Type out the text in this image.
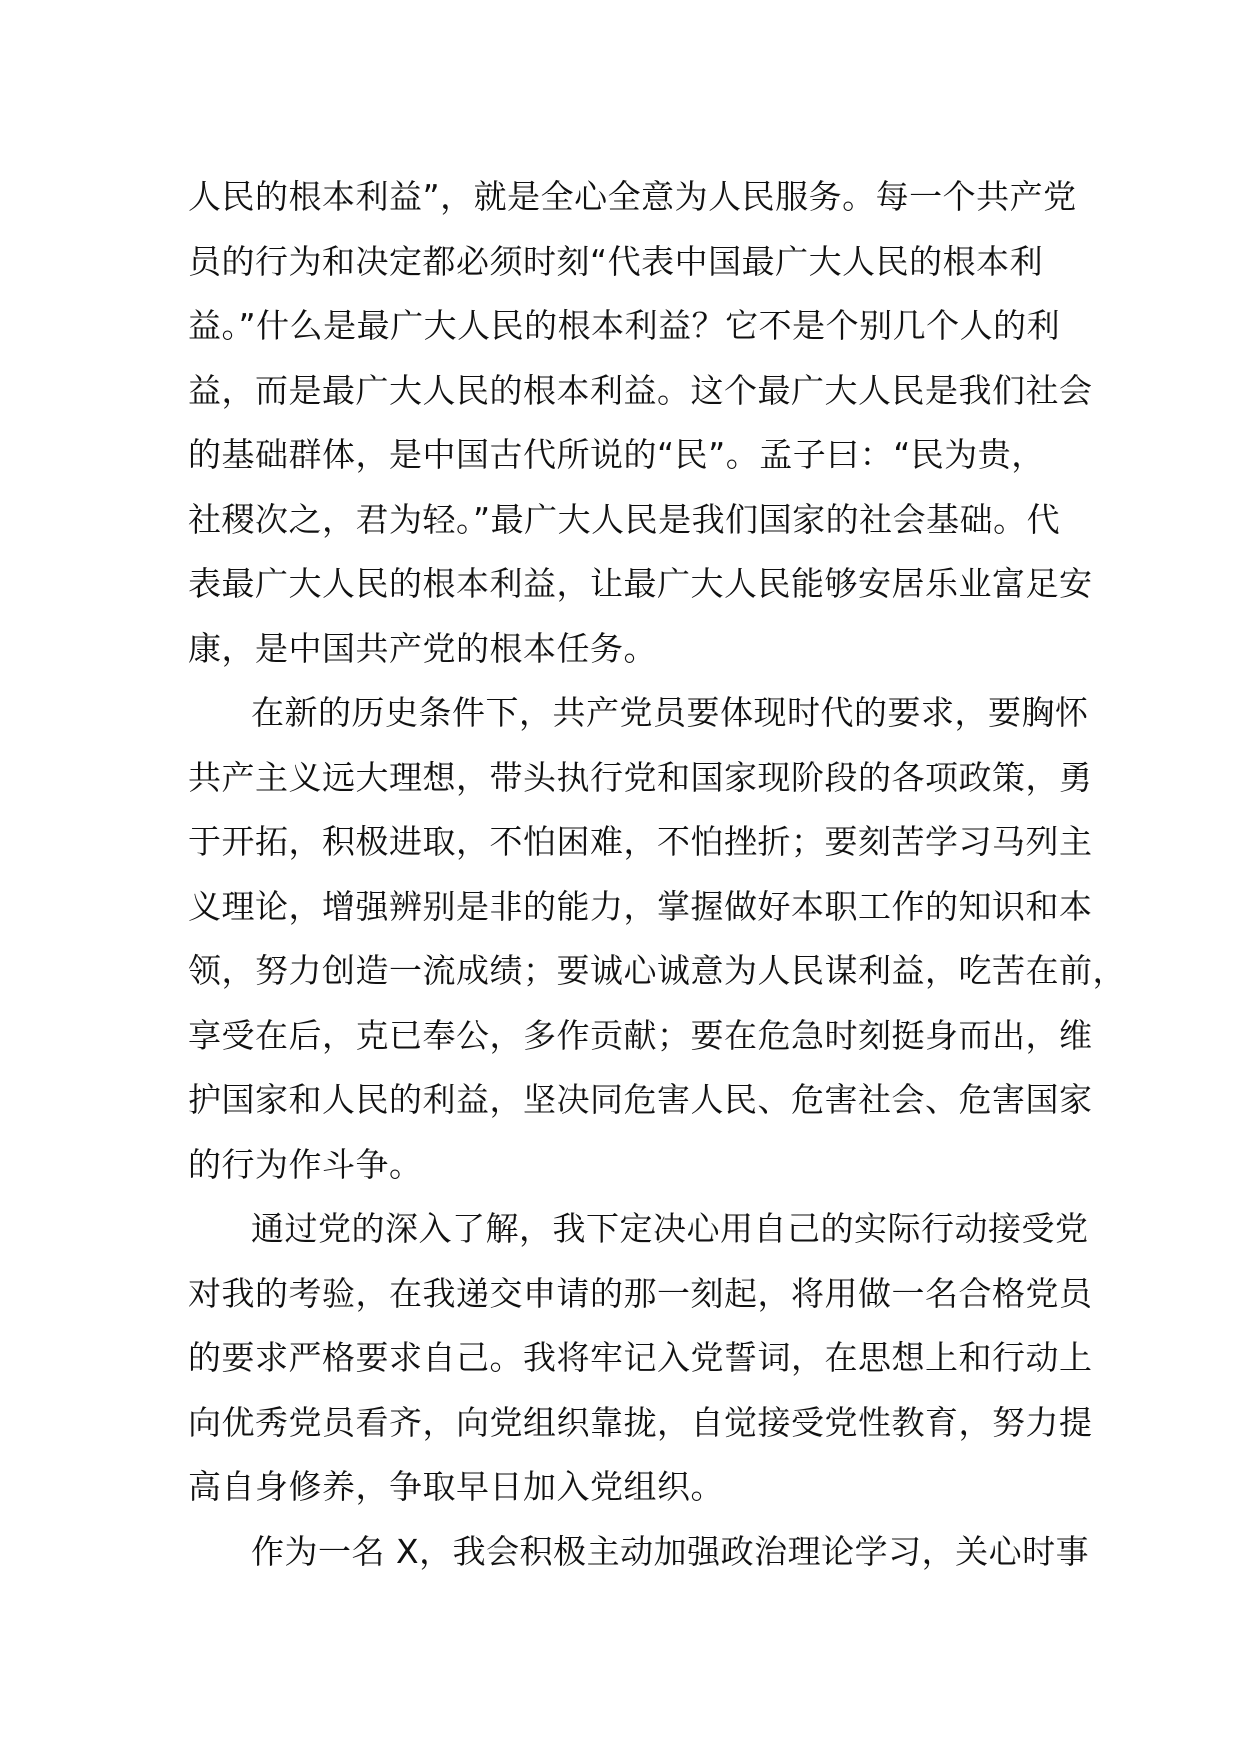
人民的根本利益”，就是全心全意为人民服务。每一个共产党
员的行为和决定都必须时刻“代表中国最广大人民的根本利
益。”什么是最广大人民的根本利益？它不是个别几个人的利
益，而是最广大人民的根本利益。这个最广大人民是我们社会
的基础群体，是中国古代所说的“民”。孟子曰：“民为贵，
社稷次之，君为轻。”最广大人民是我们国家的社会基础。代
表最广大人民的根本利益，让最广大人民能够安居乐业富足安
康，是中国共产党的根本任务。
在新的历史条件下，共产党员要体现时代的要求，要胸怀
共产主义远大理想，带头执行党和国家现阶段的各项政策，勇
于开拓，积极进取，不怕困难，不怕挫折；要刻苦学习马列主
义理论，增强辨别是非的能力，掌握做好本职工作的知识和本
领，努力创造一流成绩；要诚心诚意为人民谋利益，吃苦在前，
享受在后，克已奉公，多作贡献；要在危急时刻挺身而出，维
护国家和人民的利益，坚决同危害人民、危害社会、危害国家
的行为作斗争。
通过党的深入了解，我下定决心用自己的实际行动接受党
对我的考验，在我递交申请的那一刻起，将用做一名合格党员
的要求严格要求自己。我将牢记入党誓词，在思想上和行动上
向优秀党员看齐，向党组织靠拢，自觉接受党性教育，努力提
高自身修养，争取早日加入党组织。
作为一名 X，我会积极主动加强政治理论学习，关心时事
